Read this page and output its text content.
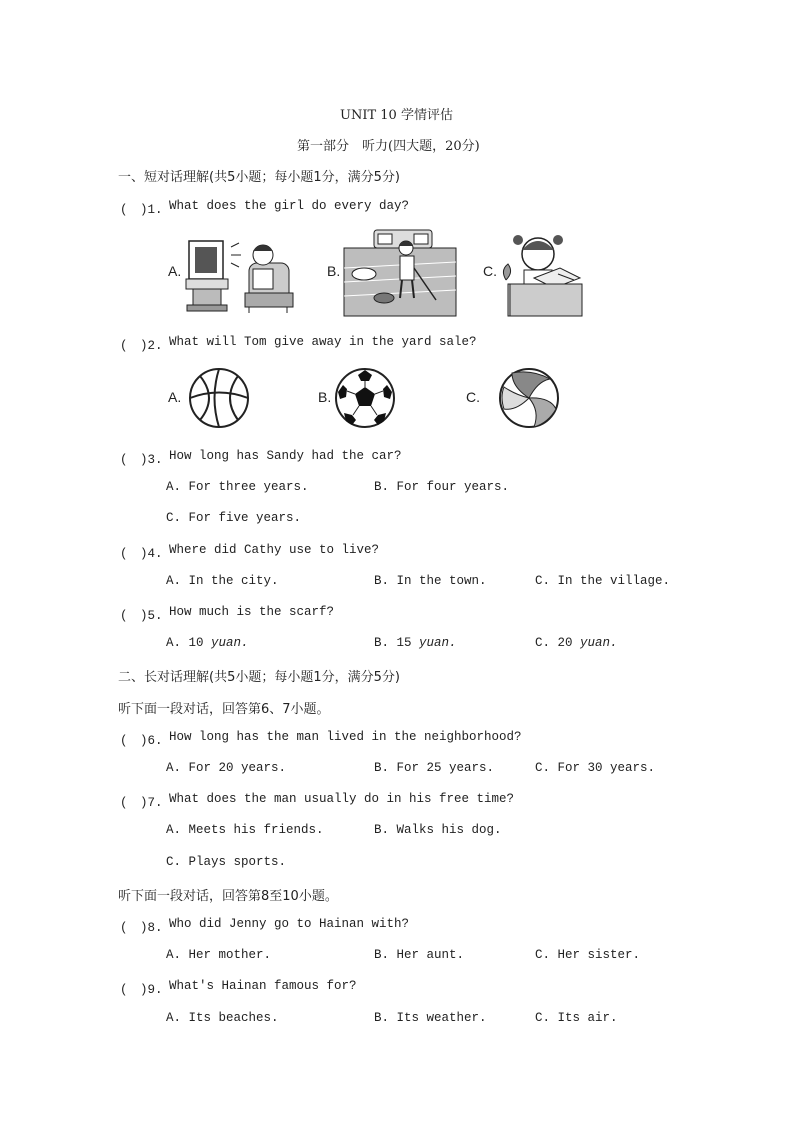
UNIT 10 学情评估
第一部分　听力(四大题，20分)
一、短对话理解(共5小题；每小题1分，满分5分)
(　)1. What does the girl do every day?
A.	B.	C.
(　)2. What will Tom give away in the yard sale?
A.	B.	C.
(　)3. How long has Sandy had the car?
A. For three years.	B. For four years.
C. For five years.
(　)4. Where did Cathy use to live?
A. In the city.	B. In the town.	C. In the village.
(　)5. How much is the scarf?
A. 10 yuan.	B. 15 yuan.	C. 20 yuan.
二、长对话理解(共5小题；每小题1分，满分5分)
听下面一段对话，回答第6、7小题。
(　)6. How long has the man lived in the neighborhood?
A. For 20 years.	B. For 25 years.	C. For 30 years.
(　)7. What does the man usually do in his free time?
A. Meets his friends.	B. Walks his dog.
C. Plays sports.
听下面一段对话，回答第8至10小题。
(　)8. Who did Jenny go to Hainan with?
A. Her mother.	B. Her aunt.	C. Her sister.
(　)9. What's Hainan famous for?
A. Its beaches.	B. Its weather.	C. Its air.
